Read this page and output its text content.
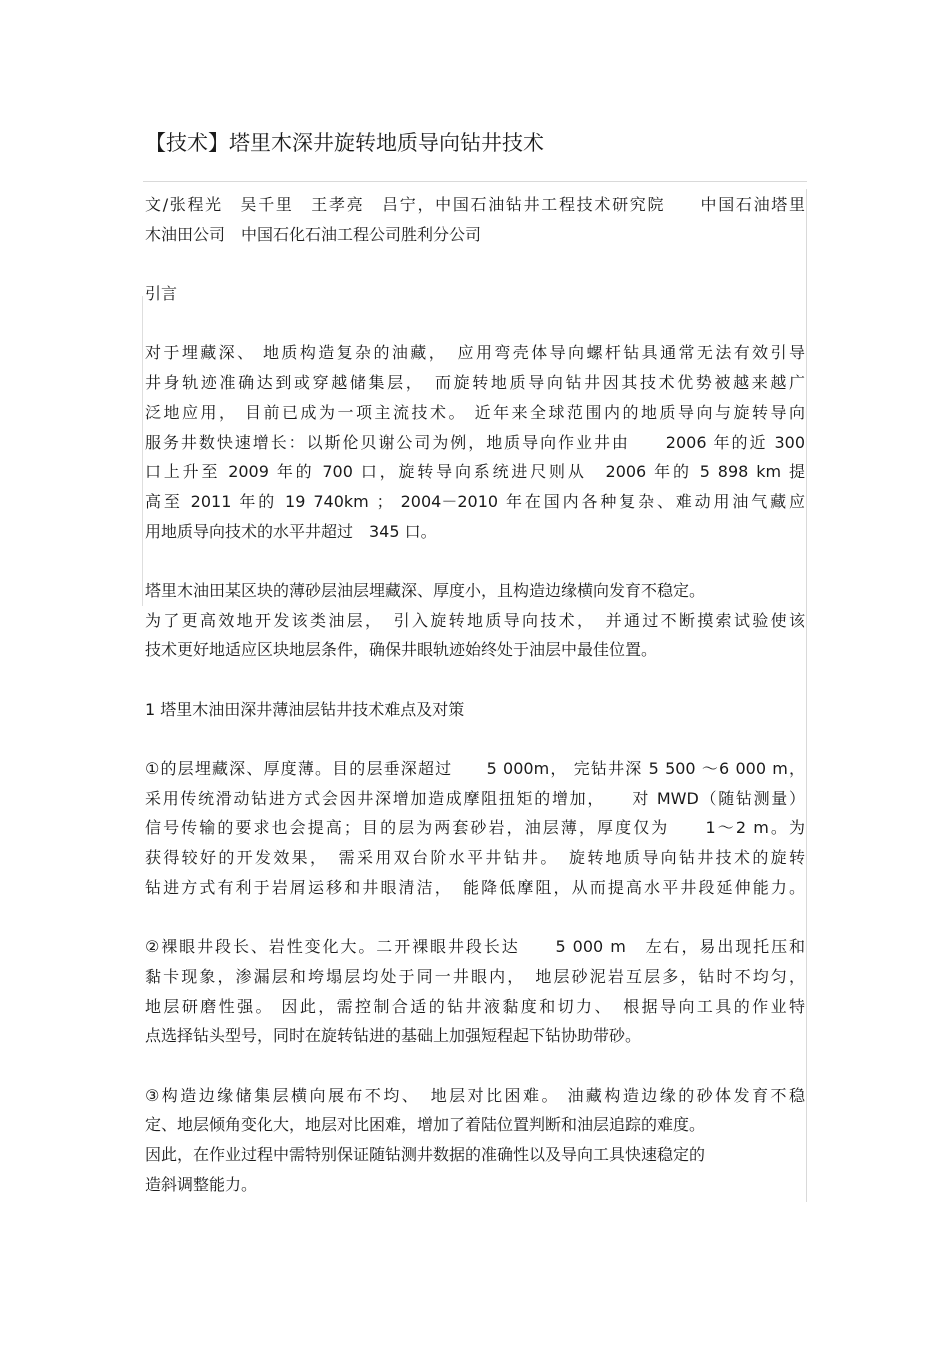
【技术】塔里木深井旋转地质导向钻井技术

文/张程光　吴千里　王孝亮　吕宁，中国石油钻井工程技术研究院　　中国石油塔里
木油田公司　中国石化石油工程公司胜利分公司

引言

对于埋藏深、 地质构造复杂的油藏，　应用弯壳体导向螺杆钻具通常无法有效引导
井身轨迹准确达到或穿越储集层，　而旋转地质导向钻井因其技术优势被越来越广
泛地应用， 目前已成为一项主流技术。 近年来全球范围内的地质导向与旋转导向
服务井数快速增长：以斯伦贝谢公司为例，地质导向作业井由　　2006 年的近 300
口上升至 2009 年的 700 口，旋转导向系统进尺则从　2006 年的 5 898 km 提
高至 2011 年的 19 740km ； 2004－2010 年在国内各种复杂、难动用油气藏应
用地质导向技术的水平井超过　345 口。

塔里木油田某区块的薄砂层油层埋藏深、厚度小，且构造边缘横向发育不稳定。
为了更高效地开发该类油层，　引入旋转地质导向技术，　并通过不断摸索试验使该
技术更好地适应区块地层条件，确保井眼轨迹始终处于油层中最佳位置。

1 塔里木油田深井薄油层钻井技术难点及对策

①的层埋藏深、厚度薄。目的层垂深超过　　5 000m， 完钻井深 5 500 ～6 000 m，
采用传统滑动钻进方式会因井深增加造成摩阻扭矩的增加，　　对 MWD（随钻测量）
信号传输的要求也会提高；目的层为两套砂岩，油层薄，厚度仅为　　1～2 m。为
获得较好的开发效果，　需采用双台阶水平井钻井。　旋转地质导向钻井技术的旋转
钻进方式有利于岩屑运移和井眼清洁，　能降低摩阻，从而提高水平井段延伸能力。

②裸眼井段长、岩性变化大。二开裸眼井段长达　　5 000 m　左右，易出现托压和
黏卡现象，渗漏层和垮塌层均处于同一井眼内，　地层砂泥岩互层多，钻时不均匀，
地层研磨性强。 因此，需控制合适的钻井液黏度和切力、　根据导向工具的作业特
点选择钻头型号，同时在旋转钻进的基础上加强短程起下钻协助带砂。

③构造边缘储集层横向展布不均、　地层对比困难。 油藏构造边缘的砂体发育不稳
定、地层倾角变化大，地层对比困难，增加了着陆位置判断和油层追踪的难度。
因此，在作业过程中需特别保证随钻测井数据的准确性以及导向工具快速稳定的
造斜调整能力。
